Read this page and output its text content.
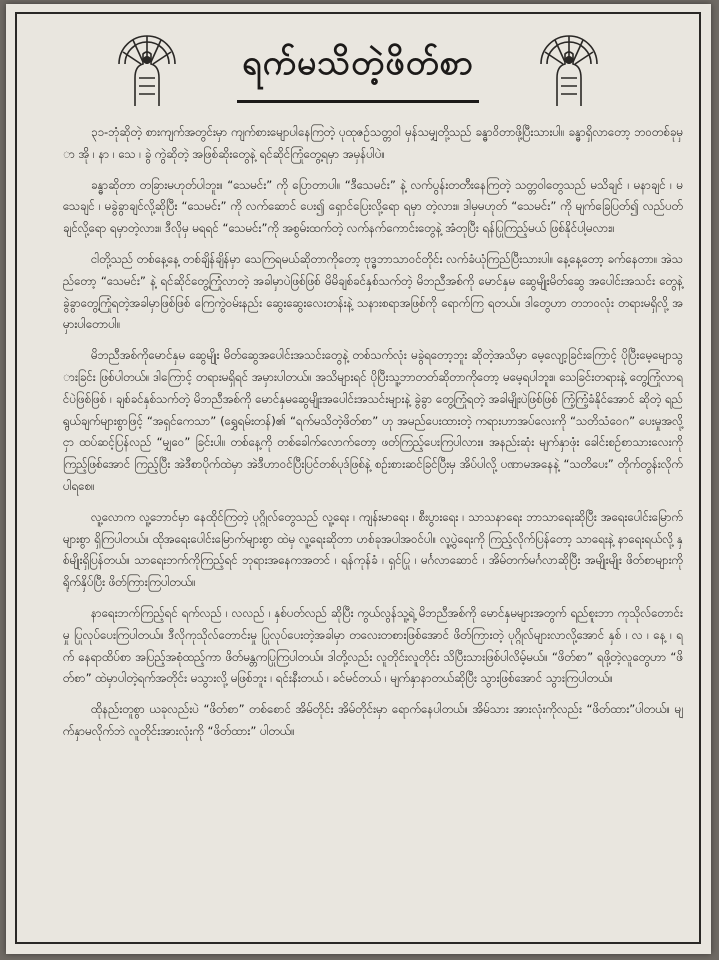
ရက်မသိတဲ့ဖိတ်စာ

၃၁-ဘုံဆိုတဲ့ စားကျက်အတွင်းမှာ ကျက်စားမျောပါနေကြတဲ့ ပုထုဇဉ်သတ္တဝါ မှန်သမျှတို့သည် ခန္ဓာဝိတာဖို့ပြီးသားပါ။ ခန္ဓာရှိလာတော့ ဘဝတစ်ခုမှာ အို ၊ နာ ၊ သေ ၊ ခွဲ ကွဲဆိုတဲ့ အဖြစ်ဆိုးတွေနဲ့ ရင်ဆိုင်ကြုံတွေ့ရမှာ အမှန်ပါပဲ။

ခန္ဓာဆိုတာ တခြားမဟုတ်ပါဘူး။ “သေမင်း” ကို ပြောတာပါ။ “ဒီသေမင်း” နဲ့ လက်ပွန်းတတီးနေကြတဲ့ သတ္တဝါတွေသည် မသိချင် ၊ မနာချင် ၊ မသေချင် ၊ မခွဲခွာချင်လို့ဆိုပြီး “သေမင်း” ကို လက်ဆောင် ပေး၍ ရှောင်ပြေးလို့ရော ရမှာ တဲ့လား။ ဒါမှမဟုတ် “သေမင်း” ကို မျက်ခြေပြတ်၍ လည်ပတ်ချင်လို့ရော ရမှာတဲ့လား။ ဒီလိုမှ မရရင် “သေမင်း”ကို အစွမ်းထက်တဲ့ လက်နက်ကောင်းတွေနဲ့ အံတုပြီး ရန်ပြုကြည့်မယ် ဖြစ်နိုင်ပါ့မလား။

ငါတို့သည် တစ်နေ့နေ့ တစ်ချိန်ချိန်မှာ သေကြရမယ်ဆိုတာကိုတော့ ဗုဒ္ဓဘာသာဝင်တိုင်း လက်ခံယုံကြည်ပြီးသားပါ။ နေ့နေ့တော့ ခက်နေတာ။ အဲသည်တော့ “သေမင်း” နဲ့ ရင်ဆိုင်တွေ့ကြုံလာတဲ့ အခါမှာပဲဖြစ်ဖြစ် မိမိချစ်ခင်နှစ်သက်တဲ့ မိဘညီအစ်ကို မောင်နှမ ဆွေမျိုးမိတ်ဆွေ အပေါင်းအသင်း တွေနဲ့ ခွဲခွာတွေ့ကြုံရတဲ့အခါမှာဖြစ်ဖြစ် ကြေကွဲဝမ်းနည်း ဆွေးဆွေးလေးတန်းနဲ့ သနားစရာအဖြစ်ကို ရောက်ကြ ရတယ်။ ဒါတွေဟာ တဘဝလုံး တရားမရှိလို့ အမှားပါတောပါ။

မိဘညီအစ်ကိုမောင်နှမ ဆွေမျိုး မိတ်ဆွေအပေါင်းအသင်းတွေနဲ့ တစ်သက်လုံး မခွဲရတော့ဘူး ဆိုတဲ့အသိမှာ မေ့လျော့ခြင်းကြောင့် ပိုပြီးမေ့မျောသွားခြင်း ဖြစ်ပါတယ်။ ဒါကြောင့် တရားမရှိရင် အမှားပါတယ်။ အသိများရင် ပိုပြီးသူ့ဘာတတ်ဆိုတာကိုတော့ မမေ့ရပါဘူး။ သေခြင်းတရားနဲ့ တွေ့ကြုံလာရင်ပဲဖြစ်ဖြစ် ၊ ချစ်ခင်နှစ်သက်တဲ့ မိဘညီအစ်ကို မောင်နှမဆွေမျိုးအပေါင်းအသင်းများနဲ့ ခွဲခွာ တွေ့ကြုံရတဲ့ အခါမျိုးပဲဖြစ်ဖြစ် ကြံ့ကြံ့ခံနိုင်အောင် ဆိုတဲ့ ရည်ရွယ်ချက်များစွာဖြင့် “အရှင်ကေသာ” (ရွှေရမ်းတန်)၏ “ရက်မသိတဲ့ဖိတ်စာ” ဟု အမည်ပေးထားတဲ့ ကရားဟာအပ်လေးကို “သတိသံဝေဂ” ပေးမှုအလို့ငှာ ထပ်ဆင့်ပြန်လည် “မျှဝေ” ခြင်းပါ။ တစ်နေ့ကို တစ်ခေါက်လောက်တော့ ဖတ်ကြည့်ပေးကြပါလား။ အနည်းဆုံး မျက်နှာဖုံး ခေါင်းစဉ်စာသားလေးကို ကြည့်ဖြစ်အောင် ကြည့်ပြီး အဲဒီစာပိုက်ထဲမှာ အဲဒီဟာဝင်ပြီးပြင်တစ်ပုဒ်ဖြစ်နဲ့ စဉ်းစားဆင်ခြင်ပြီးမှ အိပ်ပါလို့ ပဏာမအနေနဲ့ “သတိပေး” တိုက်တွန်းလိုက်ပါရစေ။

လူ့လောက လူ့ဘောင်မှာ နေထိုင်ကြတဲ့ ပုဂ္ဂိုလ်တွေသည် လူ့ရေး ၊ ကျန်းမာရေး ၊ စီးပွားရေး ၊ သာသနာရေး ဘာသာရေးဆိုပြီး အရေးပေါင်းမြောက်များစွာ ရှိကြပါတယ်။ ထိုအရေးပေါင်းမြောက်များစွာ ထဲမှ လူ့ရေးဆိုတာ ဟစ်ခုအပါအဝင်ပါ။ လူ့ပွဲရေးကို ကြည့်လိုက်ပြန်တော့ သာရေးနဲ့ နာရေးရယ်လို့ နှစ်မျိုးရှိပြန်တယ်။ သာရေးဘက်ကိုကြည့်ရင် ဘုရားအနေကအတင် ၊ ရန်ကုန်ခံ ၊ ရှင်ပြု ၊ မင်္ဂလာဆောင် ၊ အိမ်တက်မင်္ဂလာဆိုပြီး အမျိုးမျိုး ဖိတ်စာများကို ရိုက်နှိပ်ပြီး ဖိတ်ကြားကြပါတယ်။

နာရေးဘက်ကြည့်ရင် ရက်လည် ၊ လလည် ၊ နှစ်ပတ်လည် ဆိုပြီး ကွယ်လွန်သူ့ရဲ့ မိဘညီအစ်ကို မောင်နှမများအတွက် ရည်စူးဘာ ကုသိုလ်တောင်းမှု ပြုလုပ်ပေးကြပါတယ်။ ဒီလိုကုသိုလ်တောင်းမှု ပြုလုပ်ပေးတဲ့အခါမှာ တလေးတစားဖြစ်အောင် ဖိတ်ကြားတဲ့ ပုဂ္ဂိုလ်များလာလို့အောင် နှစ် ၊ လ ၊ နေ့ ၊ ရက် နေရာထိပ်စာ အပြည့်အစုံထည့်ကာ ဖိတ်မန္တကပြုကြပါတယ်။ ဒါတို့လည်း လူတိုင်းလူတိုင်း သိပြီးသားဖြစ်ပါလိမ့်မယ်။ “ဖိတ်စာ” ရဖို့တဲ့လူတွေဟာ “ဖိတ်စာ” ထဲမှာပါတဲ့ရက်အတိုင်း မသွားလို့ မဖြစ်ဘူး ၊ ရင်းနီးတယ် ၊ ခင်မင်တယ် ၊ မျက်နှာနာတယ်ဆိုပြီး သွားဖြစ်အောင် သွားကြပါတယ်။

ထိုနည်းတူစွာ ယခုလည်းပဲ “ဖိတ်စာ” တစ်စောင် အိမ်တိုင်း အိမ်တိုင်းမှာ ရောက်နေပါတယ်။ အိမ်သား အားလုံးကိုလည်း “ဖိတ်ထား”ပါတယ်။ မျက်နှာမလိုက်ဘဲ လူတိုင်းအားလုံးကို “ဖိတ်ထား” ပါတယ်။
